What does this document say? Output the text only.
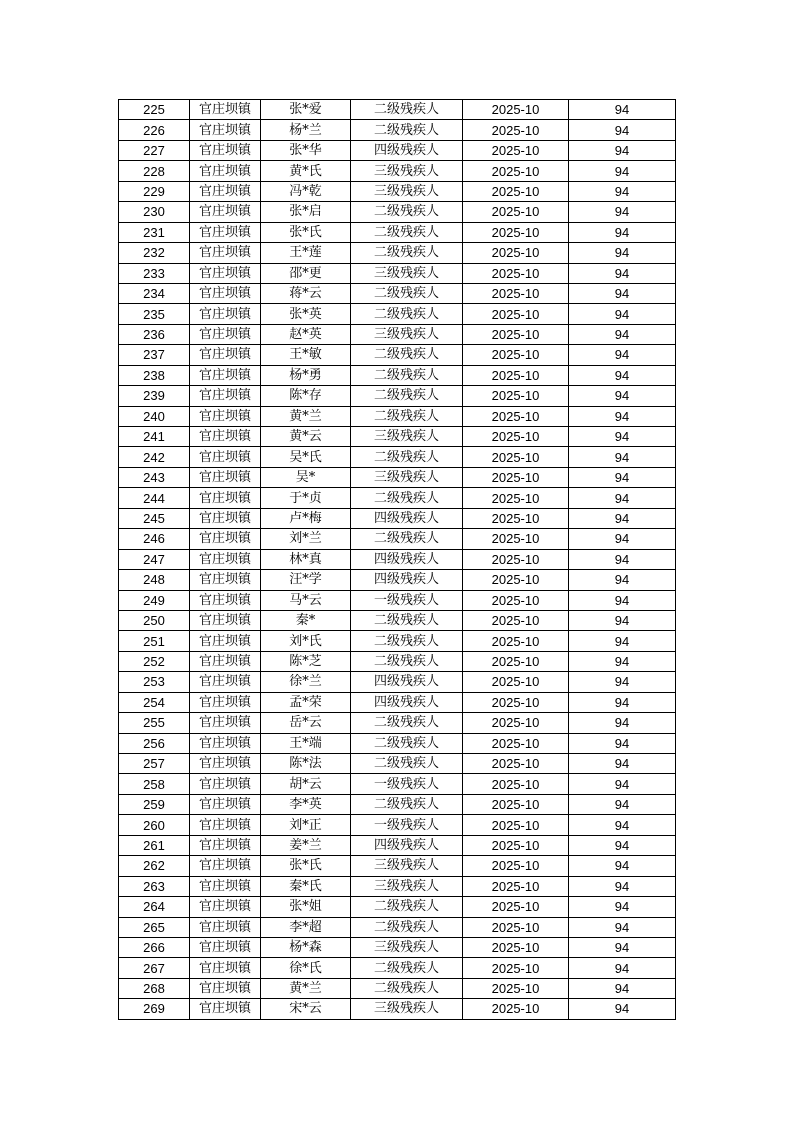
225	官庄坝镇	张*爱	二级残疾人	2025-10	94
226	官庄坝镇	杨*兰	二级残疾人	2025-10	94
227	官庄坝镇	张*华	四级残疾人	2025-10	94
228	官庄坝镇	黄*氏	三级残疾人	2025-10	94
229	官庄坝镇	冯*乾	三级残疾人	2025-10	94
230	官庄坝镇	张*启	二级残疾人	2025-10	94
231	官庄坝镇	张*氏	二级残疾人	2025-10	94
232	官庄坝镇	王*莲	二级残疾人	2025-10	94
233	官庄坝镇	邵*更	三级残疾人	2025-10	94
234	官庄坝镇	蒋*云	二级残疾人	2025-10	94
235	官庄坝镇	张*英	二级残疾人	2025-10	94
236	官庄坝镇	赵*英	三级残疾人	2025-10	94
237	官庄坝镇	王*敏	二级残疾人	2025-10	94
238	官庄坝镇	杨*勇	二级残疾人	2025-10	94
239	官庄坝镇	陈*存	二级残疾人	2025-10	94
240	官庄坝镇	黄*兰	二级残疾人	2025-10	94
241	官庄坝镇	黄*云	三级残疾人	2025-10	94
242	官庄坝镇	吴*氏	二级残疾人	2025-10	94
243	官庄坝镇	吴*	三级残疾人	2025-10	94
244	官庄坝镇	于*贞	二级残疾人	2025-10	94
245	官庄坝镇	卢*梅	四级残疾人	2025-10	94
246	官庄坝镇	刘*兰	二级残疾人	2025-10	94
247	官庄坝镇	林*真	四级残疾人	2025-10	94
248	官庄坝镇	汪*学	四级残疾人	2025-10	94
249	官庄坝镇	马*云	一级残疾人	2025-10	94
250	官庄坝镇	秦*	二级残疾人	2025-10	94
251	官庄坝镇	刘*氏	二级残疾人	2025-10	94
252	官庄坝镇	陈*芝	二级残疾人	2025-10	94
253	官庄坝镇	徐*兰	四级残疾人	2025-10	94
254	官庄坝镇	孟*荣	四级残疾人	2025-10	94
255	官庄坝镇	岳*云	二级残疾人	2025-10	94
256	官庄坝镇	王*端	二级残疾人	2025-10	94
257	官庄坝镇	陈*法	二级残疾人	2025-10	94
258	官庄坝镇	胡*云	一级残疾人	2025-10	94
259	官庄坝镇	李*英	二级残疾人	2025-10	94
260	官庄坝镇	刘*正	一级残疾人	2025-10	94
261	官庄坝镇	姜*兰	四级残疾人	2025-10	94
262	官庄坝镇	张*氏	三级残疾人	2025-10	94
263	官庄坝镇	秦*氏	三级残疾人	2025-10	94
264	官庄坝镇	张*姐	二级残疾人	2025-10	94
265	官庄坝镇	李*超	二级残疾人	2025-10	94
266	官庄坝镇	杨*森	三级残疾人	2025-10	94
267	官庄坝镇	徐*氏	二级残疾人	2025-10	94
268	官庄坝镇	黄*兰	二级残疾人	2025-10	94
269	官庄坝镇	宋*云	三级残疾人	2025-10	94
